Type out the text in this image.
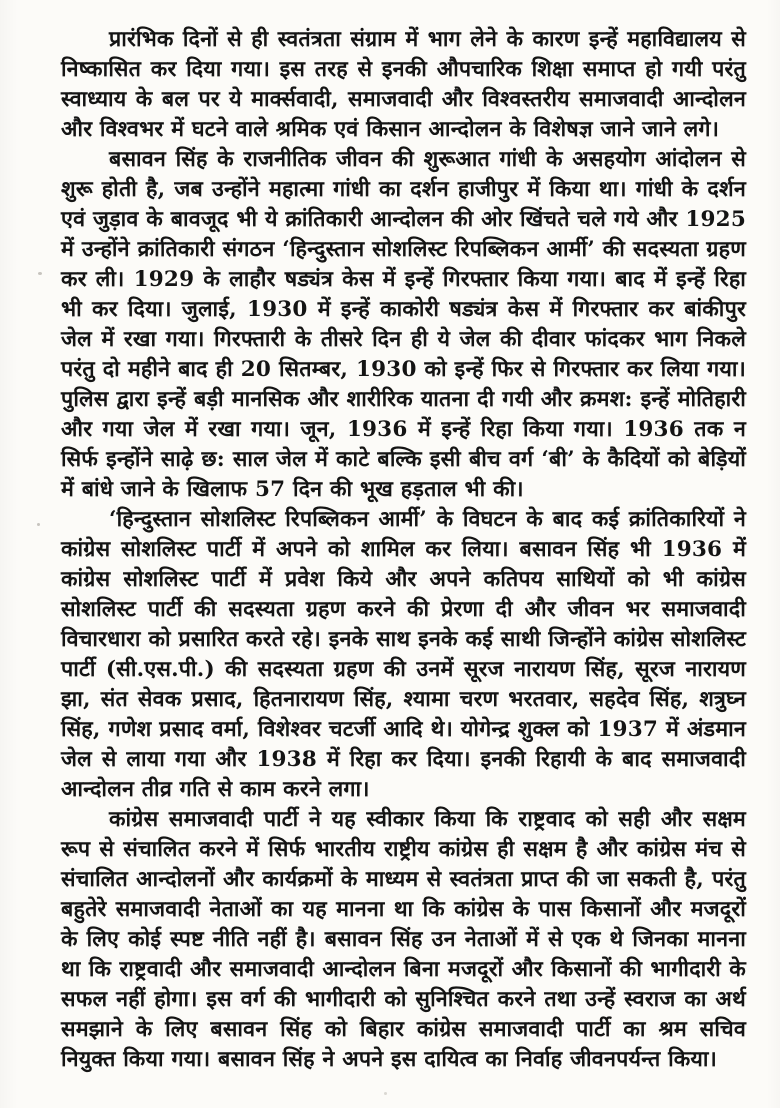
प्रारंभिक दिनों से ही स्वतंत्रता संग्राम में भाग लेने के कारण इन्हें महाविद्यालय से निष्कासित कर दिया गया। इस तरह से इनकी औपचारिक शिक्षा समाप्त हो गयी परंतु स्वाध्याय के बल पर ये मार्क्सवादी, समाजवादी और विश्वस्तरीय समाजवादी आन्दोलन और विश्वभर में घटने वाले श्रमिक एवं किसान आन्दोलन के विशेषज्ञ जाने जाने लगे।

बसावन सिंह के राजनीतिक जीवन की शुरूआत गांधी के असहयोग आंदोलन से शुरू होती है, जब उन्होंने महात्मा गांधी का दर्शन हाजीपुर में किया था। गांधी के दर्शन एवं जुड़ाव के बावजूद भी ये क्रांतिकारी आन्दोलन की ओर खिंचते चले गये और 1925 में उन्होंने क्रांतिकारी संगठन ‘हिन्दुस्तान सोशलिस्ट रिपब्लिकन आर्मी’ की सदस्यता ग्रहण कर ली। 1929 के लाहौर षड्यंत्र केस में इन्हें गिरफ्तार किया गया। बाद में इन्हें रिहा भी कर दिया। जुलाई, 1930 में इन्हें काकोरी षड्यंत्र केस में गिरफ्तार कर बांकीपुर जेल में रखा गया। गिरफ्तारी के तीसरे दिन ही ये जेल की दीवार फांदकर भाग निकले परंतु दो महीने बाद ही 20 सितम्बर, 1930 को इन्हें फिर से गिरफ्तार कर लिया गया। पुलिस द्वारा इन्हें बड़ी मानसिक और शारीरिक यातना दी गयी और क्रमश: इन्हें मोतिहारी और गया जेल में रखा गया। जून, 1936 में इन्हें रिहा किया गया। 1936 तक न सिर्फ इन्होंने साढ़े छ: साल जेल में काटे बल्कि इसी बीच वर्ग ‘बी’ के कैदियों को बेड़ियों में बांधे जाने के खिलाफ 57 दिन की भूख हड़ताल भी की।

‘हिन्दुस्तान सोशलिस्ट रिपब्लिकन आर्मी’ के विघटन के बाद कई क्रांतिकारियों ने कांग्रेस सोशलिस्ट पार्टी में अपने को शामिल कर लिया। बसावन सिंह भी 1936 में कांग्रेस सोशलिस्ट पार्टी में प्रवेश किये और अपने कतिपय साथियों को भी कांग्रेस सोशलिस्ट पार्टी की सदस्यता ग्रहण करने की प्रेरणा दी और जीवन भर समाजवादी विचारधारा को प्रसारित करते रहे। इनके साथ इनके कई साथी जिन्होंने कांग्रेस सोशलिस्ट पार्टी (सी.एस.पी.) की सदस्यता ग्रहण की उनमें सूरज नारायण सिंह, सूरज नारायण झा, संत सेवक प्रसाद, हितनारायण सिंह, श्यामा चरण भरतवार, सहदेव सिंह, शत्रुघ्न सिंह, गणेश प्रसाद वर्मा, विशेश्वर चटर्जी आदि थे। योगेन्द्र शुक्ल को 1937 में अंडमान जेल से लाया गया और 1938 में रिहा कर दिया। इनकी रिहायी के बाद समाजवादी आन्दोलन तीव्र गति से काम करने लगा।

कांग्रेस समाजवादी पार्टी ने यह स्वीकार किया कि राष्ट्रवाद को सही और सक्षम रूप से संचालित करने में सिर्फ भारतीय राष्ट्रीय कांग्रेस ही सक्षम है और कांग्रेस मंच से संचालित आन्दोलनों और कार्यक्रमों के माध्यम से स्वतंत्रता प्राप्त की जा सकती है, परंतु बहुतेरे समाजवादी नेताओं का यह मानना था कि कांग्रेस के पास किसानों और मजदूरों के लिए कोई स्पष्ट नीति नहीं है। बसावन सिंह उन नेताओं में से एक थे जिनका मानना था कि राष्ट्रवादी और समाजवादी आन्दोलन बिना मजदूरों और किसानों की भागीदारी के सफल नहीं होगा। इस वर्ग की भागीदारी को सुनिश्चित करने तथा उन्हें स्वराज का अर्थ समझाने के लिए बसावन सिंह को बिहार कांग्रेस समाजवादी पार्टी का श्रम सचिव नियुक्त किया गया। बसावन सिंह ने अपने इस दायित्व का निर्वाह जीवनपर्यन्त किया।
